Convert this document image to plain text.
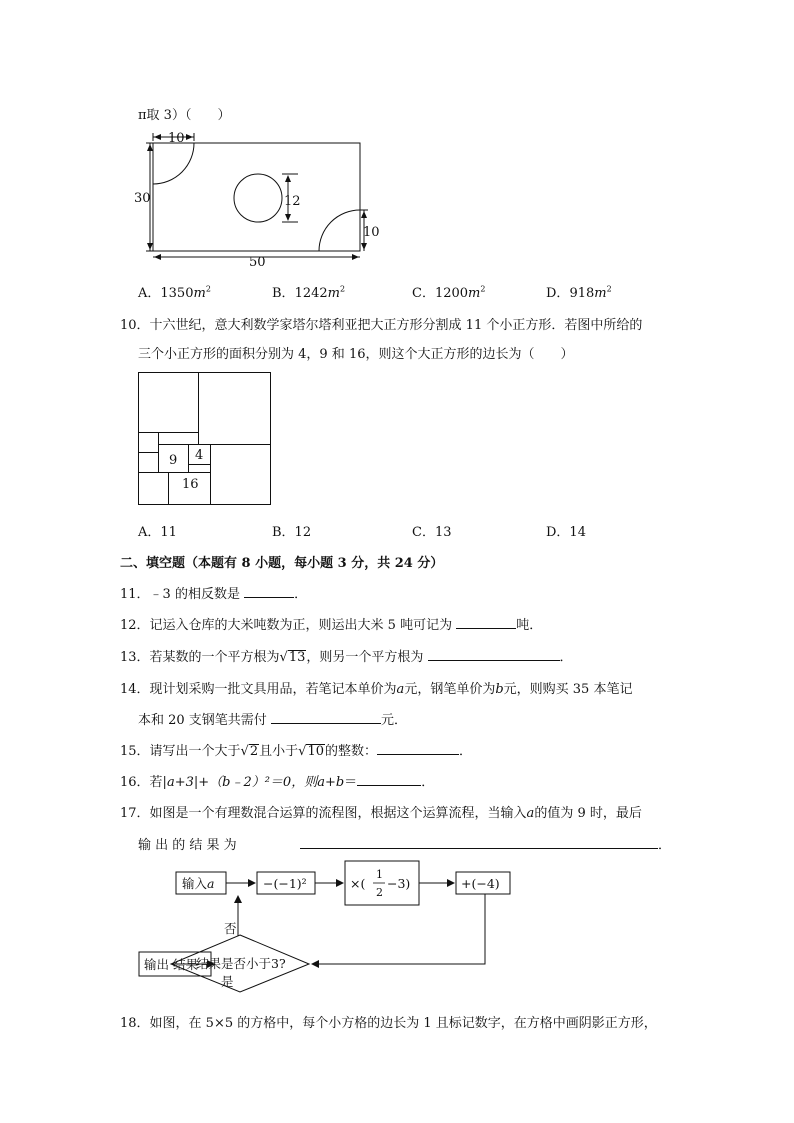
π取 3）（　　）
10
30	12
10
50
A．$1350m^2$	B．$1242m^2$	C．$1200m^2$	D．$918m^2$
10．十六世纪，意大利数学家塔尔塔利亚把大正方形分割成 11 个小正方形．若图中所给的
三个小正方形的面积分别为 4，9 和 16，则这个大正方形的边长为（　　）
9 4
16
A．11	B．12	C．13	D．14
二、填空题（本题有 8 小题，每小题 3 分，共 24 分）
11．﹣3 的相反数是	．
12．记运入仓库的大米吨数为正，则运出大米 5 吨可记为	吨．
13．若某数的一个平方根为√13，则另一个平方根为	．
14．现计划采购一批文具用品，若笔记本单价为a元，钢笔单价为b元，则购买 35 本笔记
本和 20 支钢笔共需付	元．
15．请写出一个大于√2且小于√10的整数：	．
16．若|a+3|+（b﹣2）²＝0，则a+b＝	．
17．如图是一个有理数混合运算的流程图，根据这个运算流程，当输入a的值为 9 时，最后
输 出 的 结 果 为	．
输入a	−(−1)²	×(
1
2
−3)	+(−4)
结果是否小于3?
输出 结果
否
是
18．如图，在 5×5 的方格中，每个小方格的边长为 1 且标记数字，在方格中画阴影正方形，
